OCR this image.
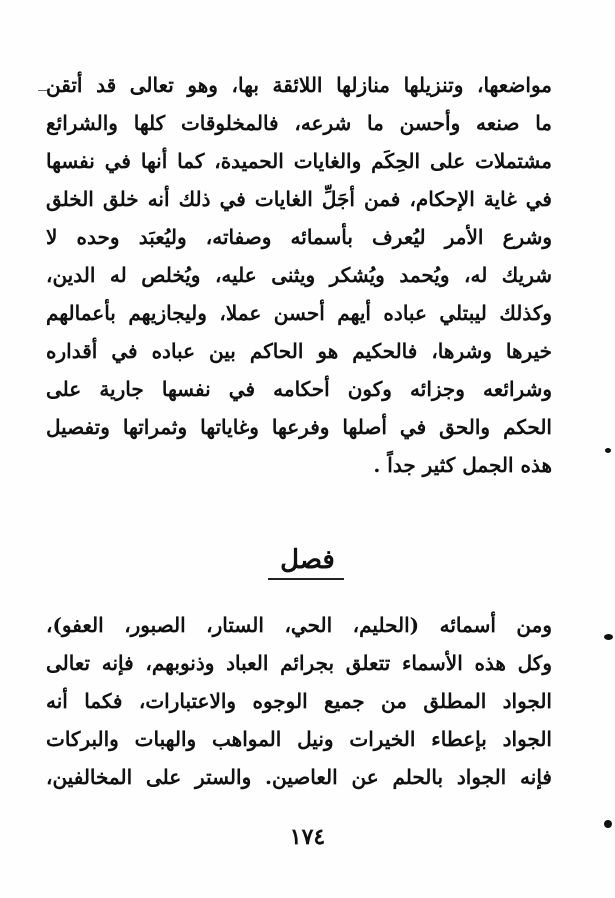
مواضعها، وتنزيلها منازلها اللائقة بها، وهو تعالى قد أتقن
ما صنعه وأحسن ما شرعه، فالمخلوقات كلها والشرائع
مشتملات على الحِكَم والغايات الحميدة، كما أنها في نفسها
في غاية الإحكام، فمن أجَلِّ الغايات في ذلك أنه خلق الخلق
وشرع الأمر ليُعرف بأسمائه وصفاته، وليُعبَد وحده لا
شريك له، ويُحمد ويُشكر ويثنى عليه، ويُخلص له الدين،
وكذلك ليبتلي عباده أيهم أحسن عملا، وليجازيهم بأعمالهم
خيرها وشرها، فالحكيم هو الحاكم بين عباده في أقداره
وشرائعه وجزائه وكون أحكامه في نفسها جارية على
الحكم والحق في أصلها وفرعها وغاياتها وثمراتها وتفصيل
هذه الجمل كثير جداً .
فصل
ومن أسمائه (الحليم، الحي، الستار، الصبور، العفو)،
وكل هذه الأسماء تتعلق بجرائم العباد وذنوبهم، فإنه تعالى
الجواد المطلق من جميع الوجوه والاعتبارات، فكما أنه
الجواد بإعطاء الخيرات ونيل المواهب والهبات والبركات
فإنه الجواد بالحلم عن العاصين. والستر على المخالفين،
١٧٤
